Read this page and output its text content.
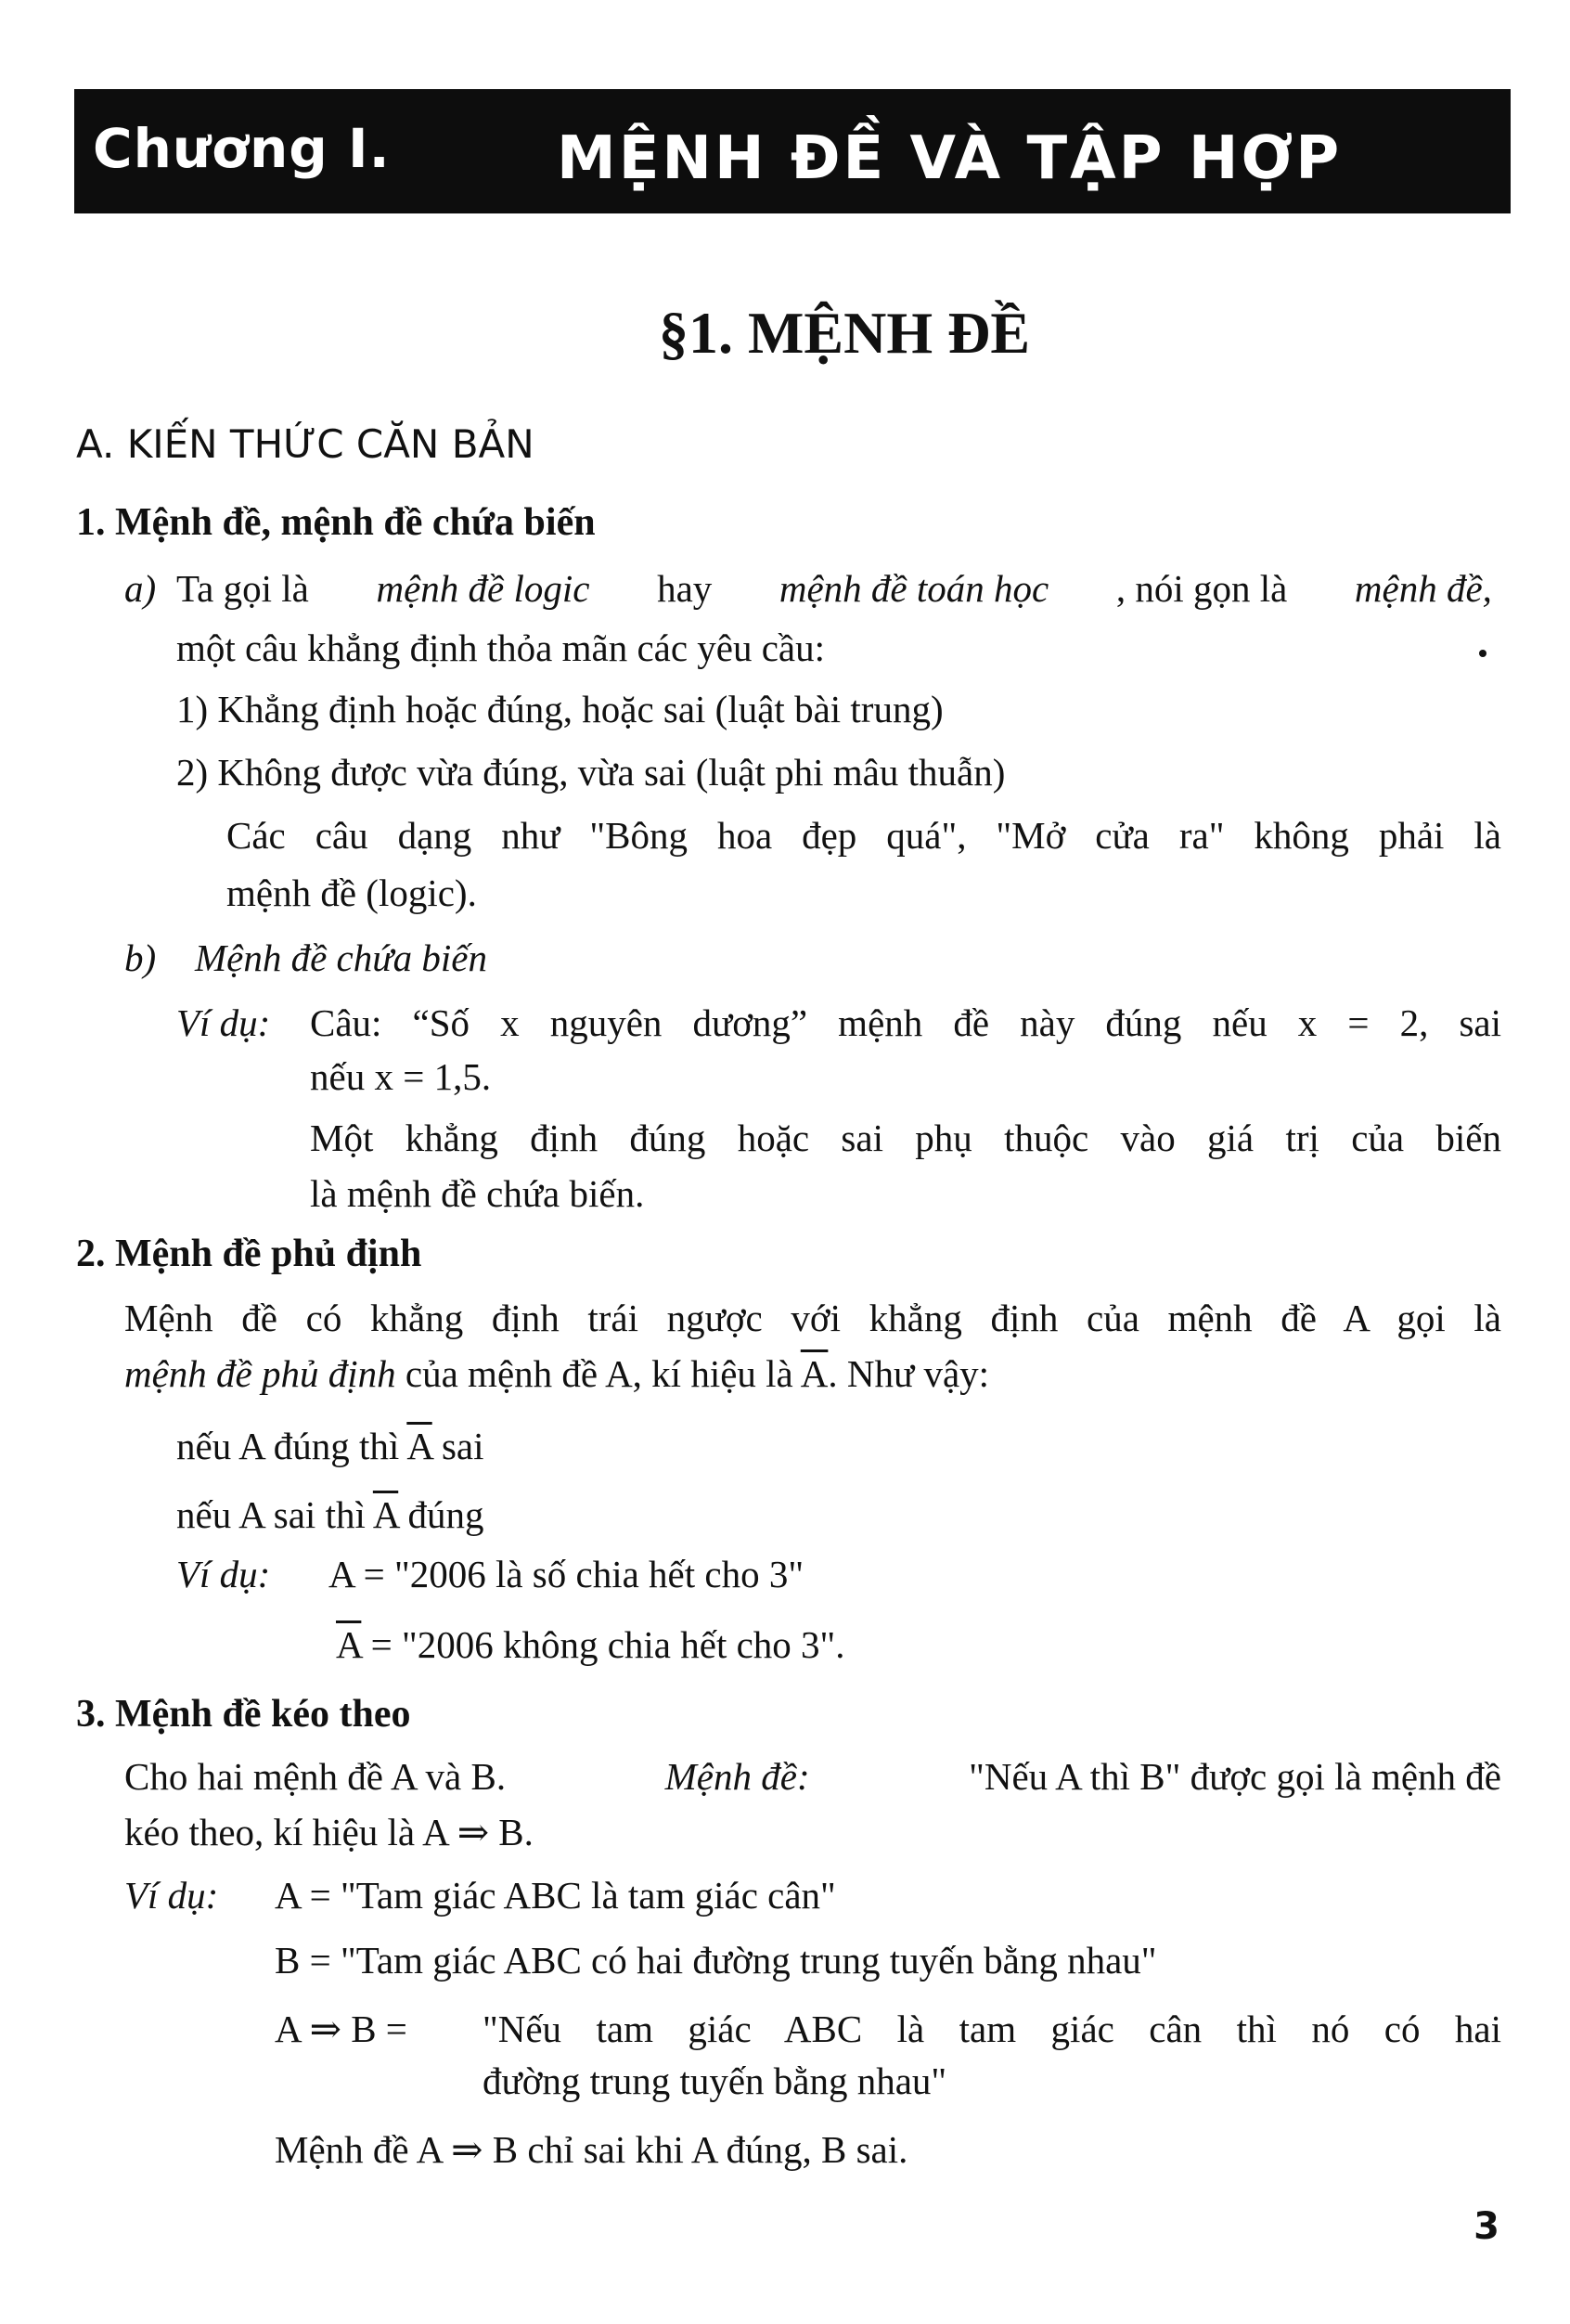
Chương I.	MỆNH ĐỀ VÀ TẬP HỢP
§1. MỆNH ĐỀ
A. KIẾN THỨC CĂN BẢN
1. Mệnh đề, mệnh đề chứa biến
a) Ta gọi là mệnh đề logic hay mệnh đề toán học , nói gọn là mệnh đề,
một câu khẳng định thỏa mãn các yêu cầu:
1) Khẳng định hoặc đúng, hoặc sai (luật bài trung)
2) Không được vừa đúng, vừa sai (luật phi mâu thuẫn)
Các câu dạng như "Bông hoa đẹp quá", "Mở cửa ra" không phải là
mệnh đề (logic).
b) Mệnh đề chứa biến
Ví dụ: Câu: “Số x nguyên dương” mệnh đề này đúng nếu x = 2, sai
nếu x = 1,5.
Một khẳng định đúng hoặc sai phụ thuộc vào giá trị của biến
là mệnh đề chứa biến.
2. Mệnh đề phủ định
Mệnh đề có khẳng định trái ngược với khẳng định của mệnh đề A gọi là
mệnh đề phủ định của mệnh đề A, kí hiệu là $\overline{A}$. Như vậy:
nếu A đúng thì $\overline{A}$ sai
nếu A sai thì $\overline{A}$ đúng
Ví dụ: A = "2006 là số chia hết cho 3"
$\overline{A}$ = "2006 không chia hết cho 3".
3. Mệnh đề kéo theo
Cho hai mệnh đề A và B.	Mệnh đề:	"Nếu A thì B" được gọi là mệnh đề
kéo theo, kí hiệu là A ⇒ B.
Ví dụ: A = "Tam giác ABC là tam giác cân"
B = "Tam giác ABC có hai đường trung tuyến bằng nhau"
A ⇒ B = "Nếu tam giác ABC là tam giác cân thì nó có hai
đường trung tuyến bằng nhau"
Mệnh đề A ⇒ B chỉ sai khi A đúng, B sai.
3
